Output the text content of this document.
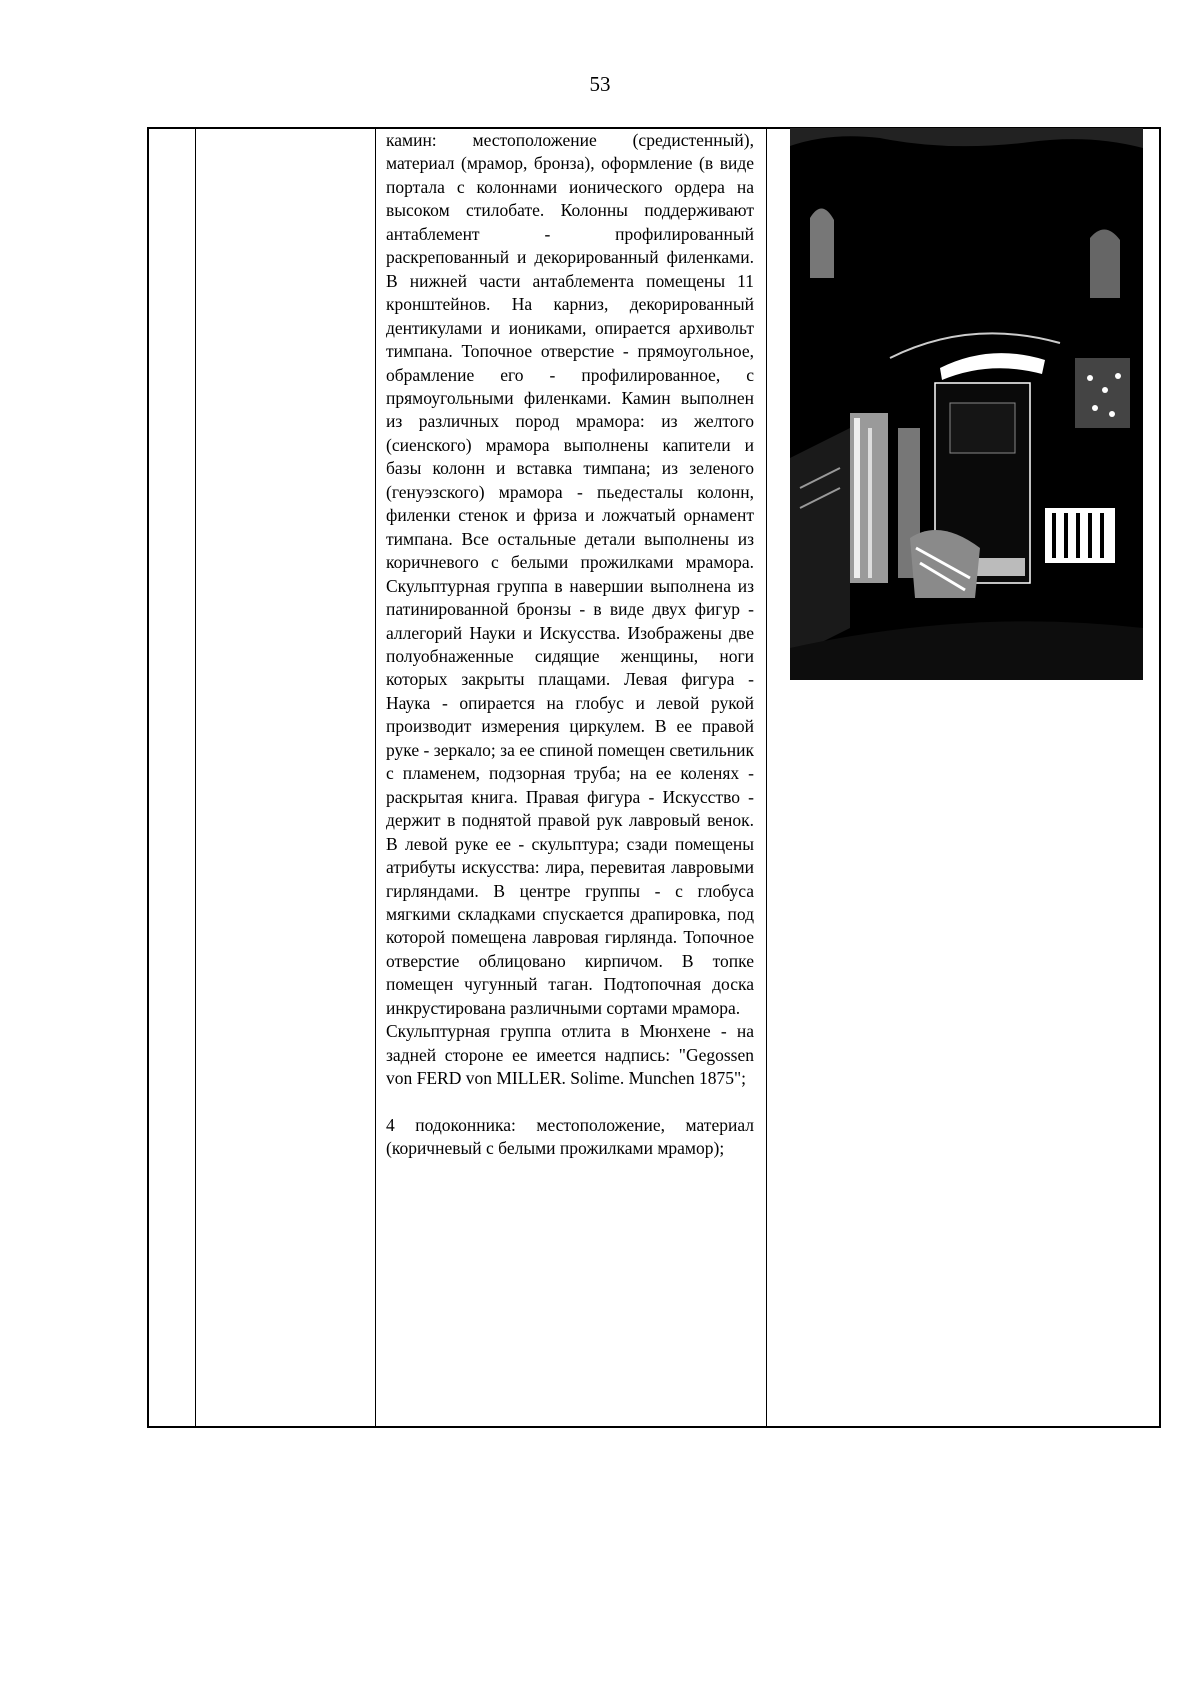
53

камин: местоположение (средистенный), материал (мрамор, бронза), оформление (в виде портала с колоннами ионического ордера на высоком стилобате. Колонны поддерживают антаблемент - профилированный раскрепованный и декорированный филенками. В нижней части антаблемента помещены 11 кронштейнов. На карниз, декорированный дентикулами и иониками, опирается архивольт тимпана. Топочное отверстие - прямоугольное, обрамление его - профилированное, с прямоугольными филенками. Камин выполнен из различных пород мрамора: из желтого (сиенского) мрамора выполнены капители и базы колонн и вставка тимпана; из зеленого (генуэзского) мрамора - пьедесталы колонн, филенки стенок и фриза и ложчатый орнамент тимпана. Все остальные детали выполнены из коричневого с белыми прожилками мрамора. Скульптурная группа в навершии выполнена из патинированной бронзы - в виде двух фигур - аллегорий Науки и Искусства. Изображены две полуобнаженные сидящие женщины, ноги которых закрыты плащами. Левая фигура - Наука - опирается на глобус и левой рукой производит измерения циркулем. В ее правой руке - зеркало; за ее спиной помещен светильник с пламенем, подзорная труба; на ее коленях - раскрытая книга. Правая фигура - Искусство - держит в поднятой правой рук лавровый венок. В левой руке ее - скульптура; сзади помещены атрибуты искусства: лира, перевитая лавровыми гирляндами. В центре группы - с глобуса мягкими складками спускается драпировка, под которой помещена лавровая гирлянда. Топочное отверстие облицовано кирпичом. В топке помещен чугунный таган. Подтопочная доска инкрустирована различными сортами мрамора.

Скульптурная группа отлита в Мюнхене - на задней стороне ее имеется надпись: "Gegossen von FERD von MILLER. Solime. Munchen 1875";

4 подоконника: местоположение, материал (коричневый с белыми прожилками мрамор);
